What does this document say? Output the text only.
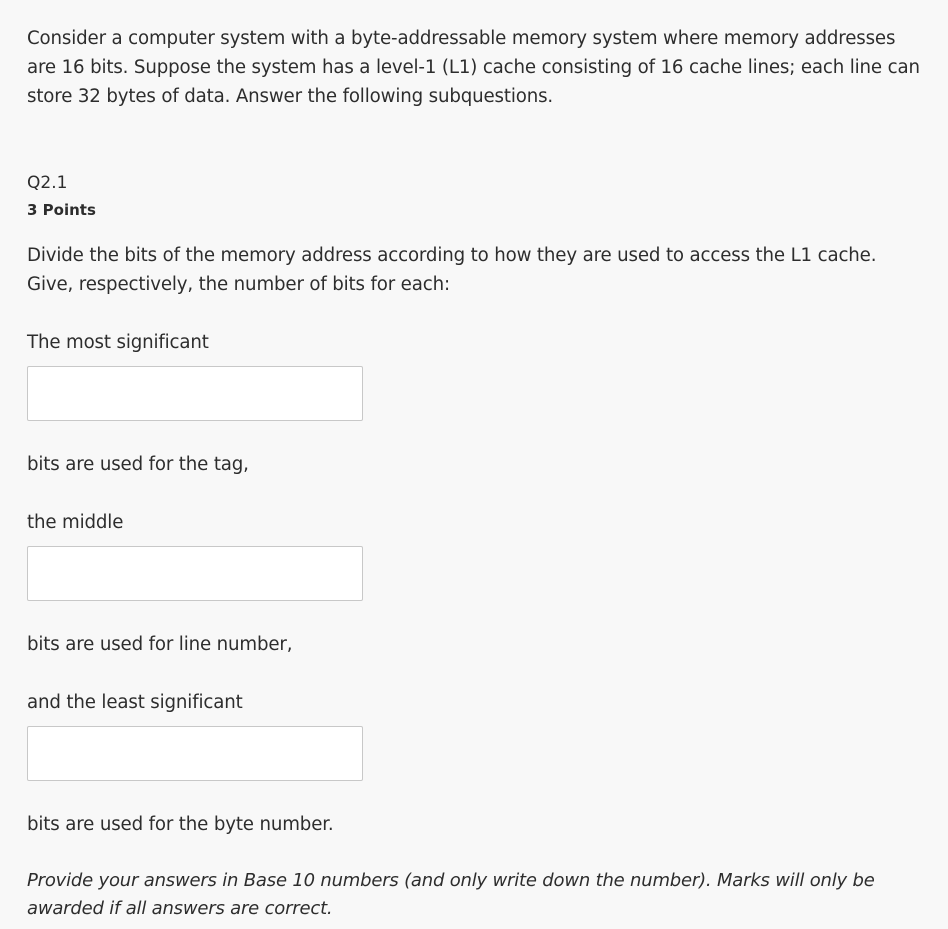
Consider a computer system with a byte-addressable memory system where memory addresses are 16 bits. Suppose the system has a level-1 (L1) cache consisting of 16 cache lines; each line can store 32 bytes of data. Answer the following subquestions.

Q2.1
3 Points

Divide the bits of the memory address according to how they are used to access the L1 cache. Give, respectively, the number of bits for each:

The most significant

bits are used for the tag,

the middle

bits are used for line number,

and the least significant

bits are used for the byte number.

Provide your answers in Base 10 numbers (and only write down the number). Marks will only be awarded if all answers are correct.
